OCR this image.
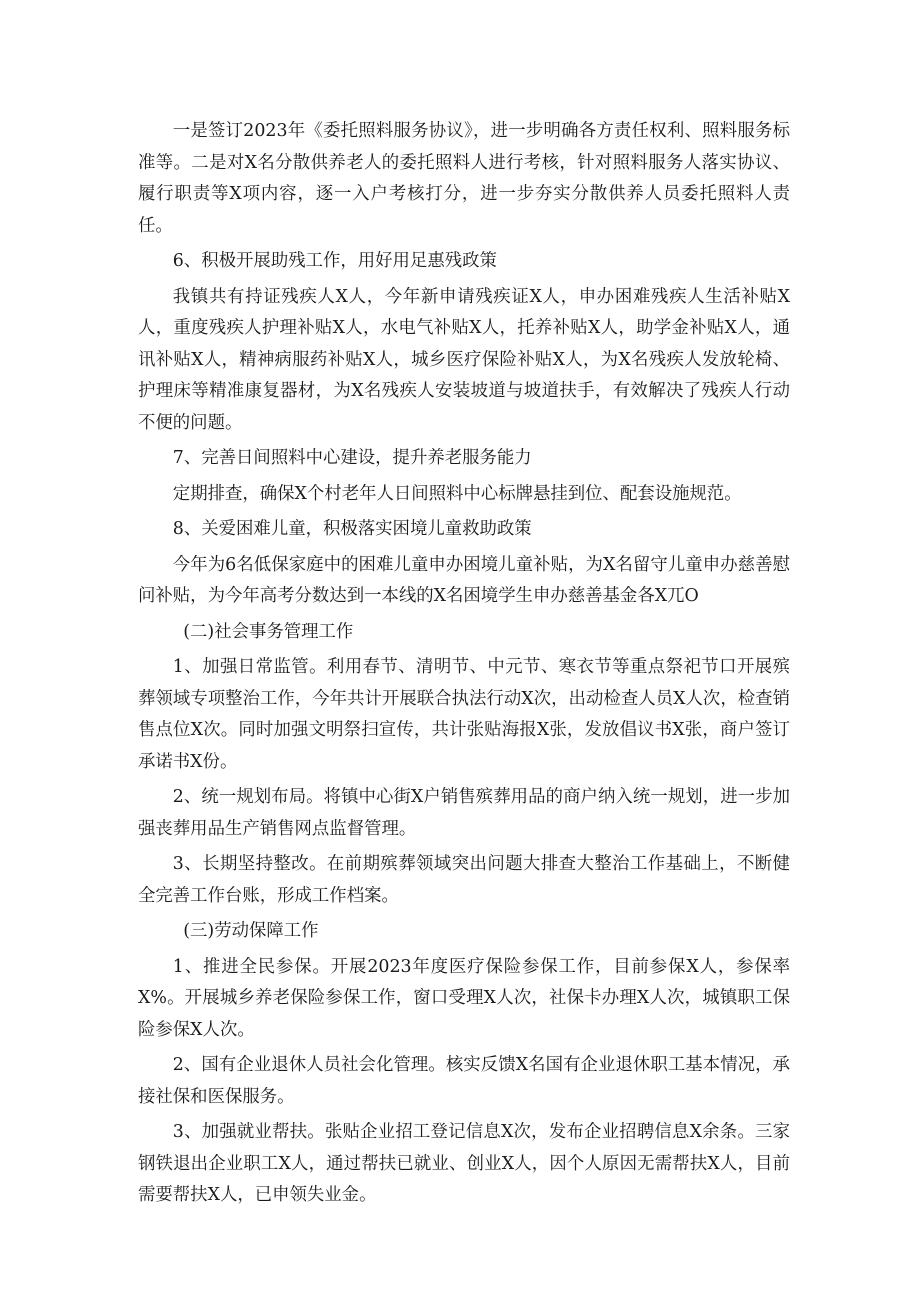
一是签订2023年《委托照料服务协议》，进一步明确各方责任权利、照料服务标准等。二是对X名分散供养老人的委托照料人进行考核，针对照料服务人落实协议、履行职责等X项内容，逐一入户考核打分，进一步夯实分散供养人员委托照料人责任。

6、积极开展助残工作，用好用足惠残政策

我镇共有持证残疾人X人，今年新申请残疾证X人，申办困难残疾人生活补贴X人，重度残疾人护理补贴X人，水电气补贴X人，托养补贴X人，助学金补贴X人，通讯补贴X人，精神病服药补贴X人，城乡医疗保险补贴X人，为X名残疾人发放轮椅、护理床等精准康复器材，为X名残疾人安装坡道与坡道扶手，有效解决了残疾人行动不便的问题。

7、完善日间照料中心建设，提升养老服务能力

定期排查，确保X个村老年人日间照料中心标牌悬挂到位、配套设施规范。

8、关爱困难儿童，积极落实困境儿童救助政策

今年为6名低保家庭中的困难儿童申办困境儿童补贴，为X名留守儿童申办慈善慰问补贴，为今年高考分数达到一本线的X名困境学生申办慈善基金各X兀O

(二)社会事务管理工作

1、加强日常监管。利用春节、清明节、中元节、寒衣节等重点祭祀节口开展殡葬领域专项整治工作，今年共计开展联合执法行动X次，出动检查人员X人次，检查销售点位X次。同时加强文明祭扫宣传，共计张贴海报X张，发放倡议书X张，商户签订承诺书X份。

2、统一规划布局。将镇中心街X户销售殡葬用品的商户纳入统一规划，进一步加强丧葬用品生产销售网点监督管理。

3、长期坚持整改。在前期殡葬领域突出问题大排查大整治工作基础上，不断健全完善工作台账，形成工作档案。

(三)劳动保障工作

1、推进全民参保。开展2023年度医疗保险参保工作，目前参保X人，参保率X%。开展城乡养老保险参保工作，窗口受理X人次，社保卡办理X人次，城镇职工保险参保X人次。

2、国有企业退休人员社会化管理。核实反馈X名国有企业退休职工基本情况，承接社保和医保服务。

3、加强就业帮扶。张贴企业招工登记信息X次，发布企业招聘信息X余条。三家钢铁退出企业职工X人，通过帮扶已就业、创业X人，因个人原因无需帮扶X人，目前需要帮扶X人，已申领失业金。
